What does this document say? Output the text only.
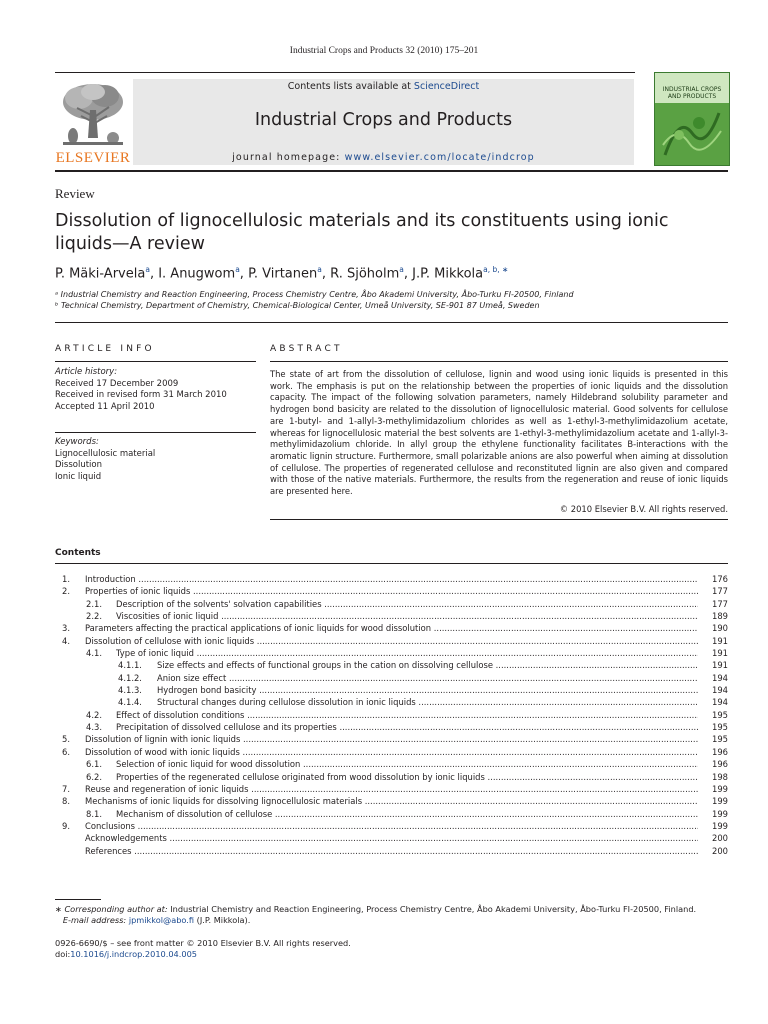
Industrial Crops and Products 32 (2010) 175–201
ELSEVIER
Contents lists available at ScienceDirect
Industrial Crops and Products
journal homepage: www.elsevier.com/locate/indcrop
INDUSTRIAL CROPS AND PRODUCTS
Review
Dissolution of lignocellulosic materials and its constituents using ionic liquids—A review
P. Mäki-Arvela$^a$, I. Anugwom$^a$, P. Virtanen$^a$, R. Sjöholm$^a$, J.P. Mikkola$^{a, b, ∗}$
ᵃ Industrial Chemistry and Reaction Engineering, Process Chemistry Centre, Åbo Akademi University, Åbo-Turku FI-20500, Finland
ᵇ Technical Chemistry, Department of Chemistry, Chemical-Biological Center, Umeå University, SE-901 87 Umeå, Sweden
ARTICLE INFO	ABSTRACT
Article history:
Received 17 December 2009
Received in revised form 31 March 2010
Accepted 11 April 2010
Keywords:
Lignocellulosic material
Dissolution
Ionic liquid
The state of art from the dissolution of cellulose, lignin and wood using ionic liquids is presented in this work. The emphasis is put on the relationship between the properties of ionic liquids and the dissolution capacity. The impact of the following solvation parameters, namely Hildebrand solubility parameter and hydrogen bond basicity are related to the dissolution of lignocellulosic material. Good solvents for cellulose are 1-butyl- and 1-allyl-3-methylimidazolium chlorides as well as 1-ethyl-3-methylimidazolium acetate, whereas for lignocellulosic material the best solvents are 1-ethyl-3-methylimidazolium acetate and 1-allyl-3-methylimidazolium chloride. In allyl group the ethylene functionality facilitates B-interactions with the aromatic lignin structure. Furthermore, small polarizable anions are also powerful when aiming at dissolution of cellulose. The properties of regenerated cellulose and reconstituted lignin are also given and compared with those of the native materials. Furthermore, the results from the regeneration and reuse of ionic liquids are presented here.
© 2010 Elsevier B.V. All rights reserved.
Contents
1. Introduction .....	176
2. Properties of ionic liquids .....	177
2.1. Description of the solvents' solvation capabilities .....	177
2.2. Viscosities of ionic liquid .....	189
3. Parameters affecting the practical applications of ionic liquids for wood dissolution .....	190
4. Dissolution of cellulose with ionic liquids .....	191
4.1. Type of ionic liquid .....	191
4.1.1. Size effects and effects of functional groups in the cation on dissolving cellulose .....	191
4.1.2. Anion size effect .....	194
4.1.3. Hydrogen bond basicity .....	194
4.1.4. Structural changes during cellulose dissolution in ionic liquids .....	194
4.2. Effect of dissolution conditions .....	195
4.3. Precipitation of dissolved cellulose and its properties .....	195
5. Dissolution of lignin with ionic liquids .....	195
6. Dissolution of wood with ionic liquids .....	196
6.1. Selection of ionic liquid for wood dissolution .....	196
6.2. Properties of the regenerated cellulose originated from wood dissolution by ionic liquids .....	198
7. Reuse and regeneration of ionic liquids .....	199
8. Mechanisms of ionic liquids for dissolving lignocellulosic materials .....	199
8.1. Mechanism of dissolution of cellulose .....	199
9. Conclusions .....	199
Acknowledgements .....	200
References .....	200
∗ Corresponding author at: Industrial Chemistry and Reaction Engineering, Process Chemistry Centre, Åbo Akademi University, Åbo-Turku FI-20500, Finland.
E-mail address: jpmikkol@abo.fi (J.P. Mikkola).
0926-6690/$ – see front matter © 2010 Elsevier B.V. All rights reserved.
doi:10.1016/j.indcrop.2010.04.005
